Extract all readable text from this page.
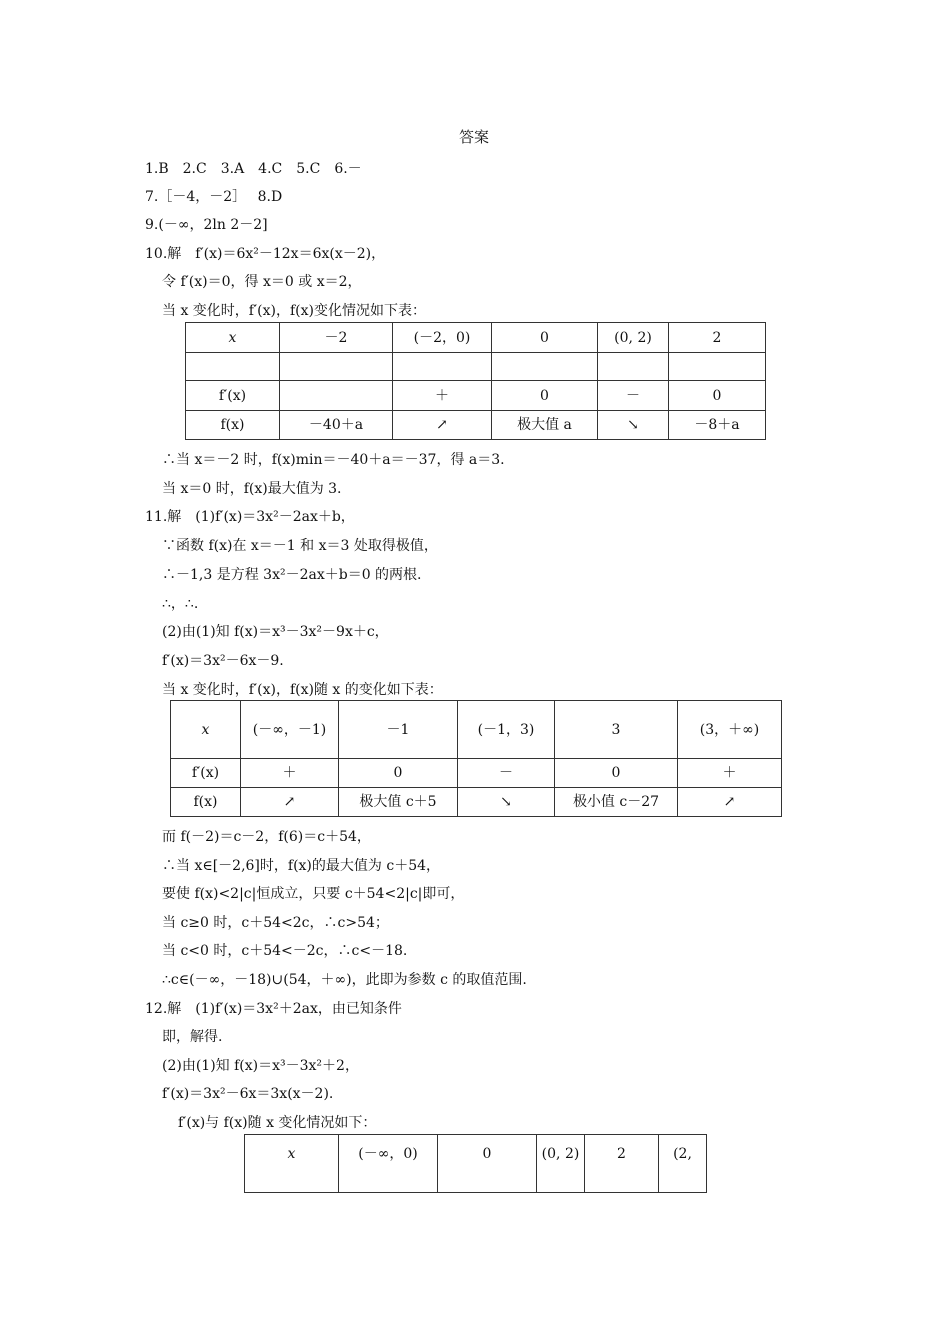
答案
1.B　2.C　3.A　4.C　5.C　6.－
7.［－4，－2］　 8.D
9.(－∞，2ln 2－2]
10.解　f′(x)＝6x²－12x＝6x(x－2)，
令 f′(x)＝0，得 x＝0 或 x＝2，
当 x 变化时，f′(x)，f(x)变化情况如下表：
x	－2	(－2，0)	0	(0, 2)	2

f′(x)		＋	0	－	0
f(x)	－40＋a	↗	极大值 a	↘	－8＋a
∴当 x＝－2 时，f(x)min＝－40＋a＝－37，得 a＝3.
当 x＝0 时，f(x)最大值为 3.
11.解　(1)f′(x)＝3x²－2ax＋b，
∵函数 f(x)在 x＝－1 和 x＝3 处取得极值，
∴－1,3 是方程 3x²－2ax＋b＝0 的两根.
∴，∴.
(2)由(1)知 f(x)＝x³－3x²－9x＋c，
f′(x)＝3x²－6x－9.
当 x 变化时，f′(x)，f(x)随 x 的变化如下表：
x	(－∞，－1)	－1	(－1，3)	3	(3，＋∞)
f′(x)	＋	0	－	0	＋
f(x)	↗	极大值 c＋5	↘	极小值 c－27	↗
而 f(－2)＝c－2，f(6)＝c＋54，
∴当 x∈[－2,6]时，f(x)的最大值为 c＋54，
要使 f(x)<2|c|恒成立，只要 c＋54<2|c|即可，
当 c≥0 时，c＋54<2c，∴c>54；
当 c<0 时，c＋54<－2c，∴c<－18.
∴c∈(－∞，－18)∪(54，＋∞)，此即为参数 c 的取值范围.
12.解　(1)f′(x)＝3x²＋2ax，由已知条件
即，解得.
(2)由(1)知 f(x)＝x³－3x²＋2，
f′(x)＝3x²－6x＝3x(x－2).
f′(x)与 f(x)随 x 变化情况如下：
x	(－∞，0)	0	(0, 2)	2	(2,
